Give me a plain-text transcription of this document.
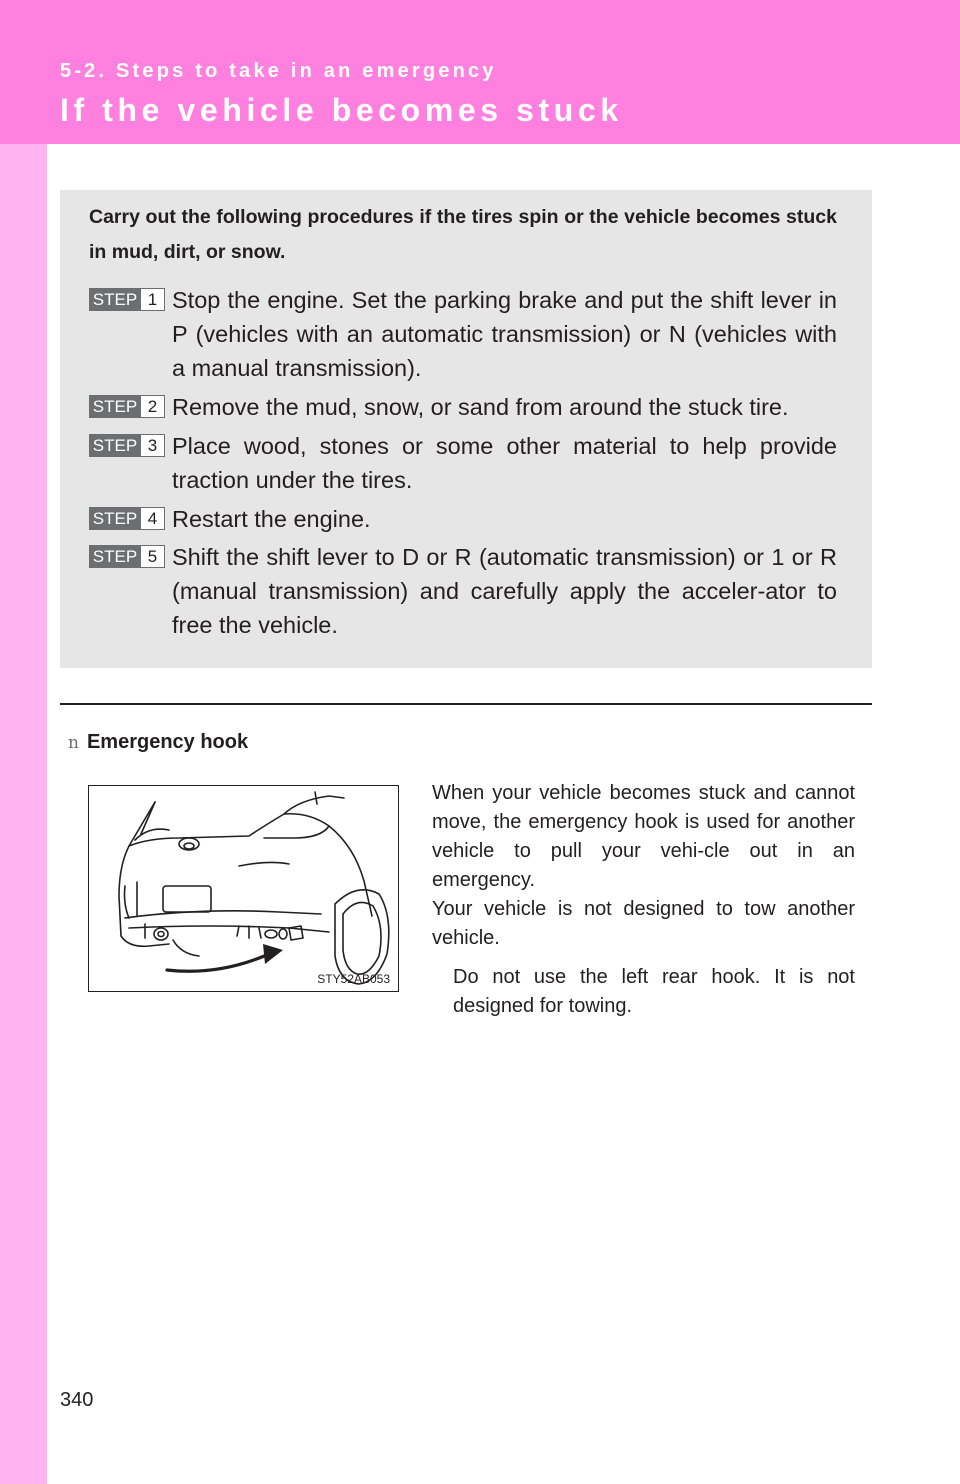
5-2. Steps to take in an emergency
If the vehicle becomes stuck
Carry out the following procedures if the tires spin or the vehicle becomes stuck in mud, dirt, or snow.
STEP 1 Stop the engine. Set the parking brake and put the shift lever in P (vehicles with an automatic transmission) or N (vehicles with a manual transmission).
STEP 2 Remove the mud, snow, or sand from around the stuck tire.
STEP 3 Place wood, stones or some other material to help provide traction under the tires.
STEP 4 Restart the engine.
STEP 5 Shift the shift lever to D or R (automatic transmission) or 1 or R (manual transmission) and carefully apply the acceler-ator to free the vehicle.
n Emergency hook
STY52AB053

When your vehicle becomes stuck and cannot move, the emergency hook is used for another vehicle to pull your vehi-cle out in an emergency.

Your vehicle is not designed to tow another vehicle.

Do not use the left rear hook. It is not designed for towing.
340
